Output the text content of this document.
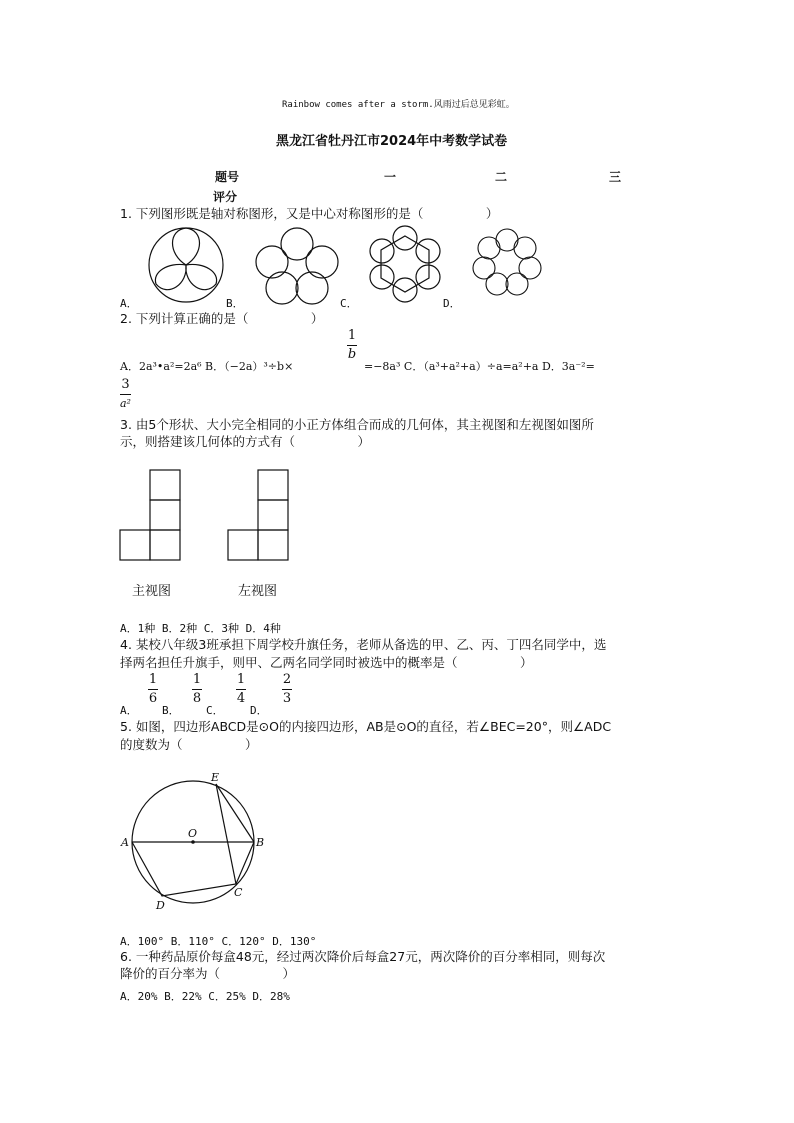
Rainbow comes after a storm.风雨过后总见彩虹。
黑龙江省牡丹江市2024年中考数学试卷
题号	一	二	三
评分
1. 下列图形既是轴对称图形，又是中心对称图形的是（　　　　　）
A．	B．	C．	D．
2. 下列计算正确的是（　　　　　）
A．2a³•a²=2a⁶ B．（−2a）³÷b×
1
b
=−8a³ C．（a³+a²+a）÷a=a²+a D．3a⁻²=
3
a²
3. 由5个形状、大小完全相同的小正方体组合而成的几何体，其主视图和左视图如图所
示，则搭建该几何体的方式有（　　　　　）
主视图	左视图
A．1种 B．2种 C．3种 D．4种
4. 某校八年级3班承担下周学校升旗任务，老师从备选的甲、乙、丙、丁四名同学中，选
择两名担任升旗手，则甲、乙两名同学同时被选中的概率是（　　　　　）
A．
1
6
B．
1
8
C．
1
4
D．
2
3
5. 如图，四边形ABCD是⊙O的内接四边形，AB是⊙O的直径，若∠BEC=20°，则∠ADC
的度数为（　　　　　）
A	B
C
D
E
O
A．100° B．110° C．120° D．130°
6. 一种药品原价每盒48元，经过两次降价后每盒27元，两次降价的百分率相同，则每次
降价的百分率为（　　　　　）
A．20% B．22% C．25% D．28%
